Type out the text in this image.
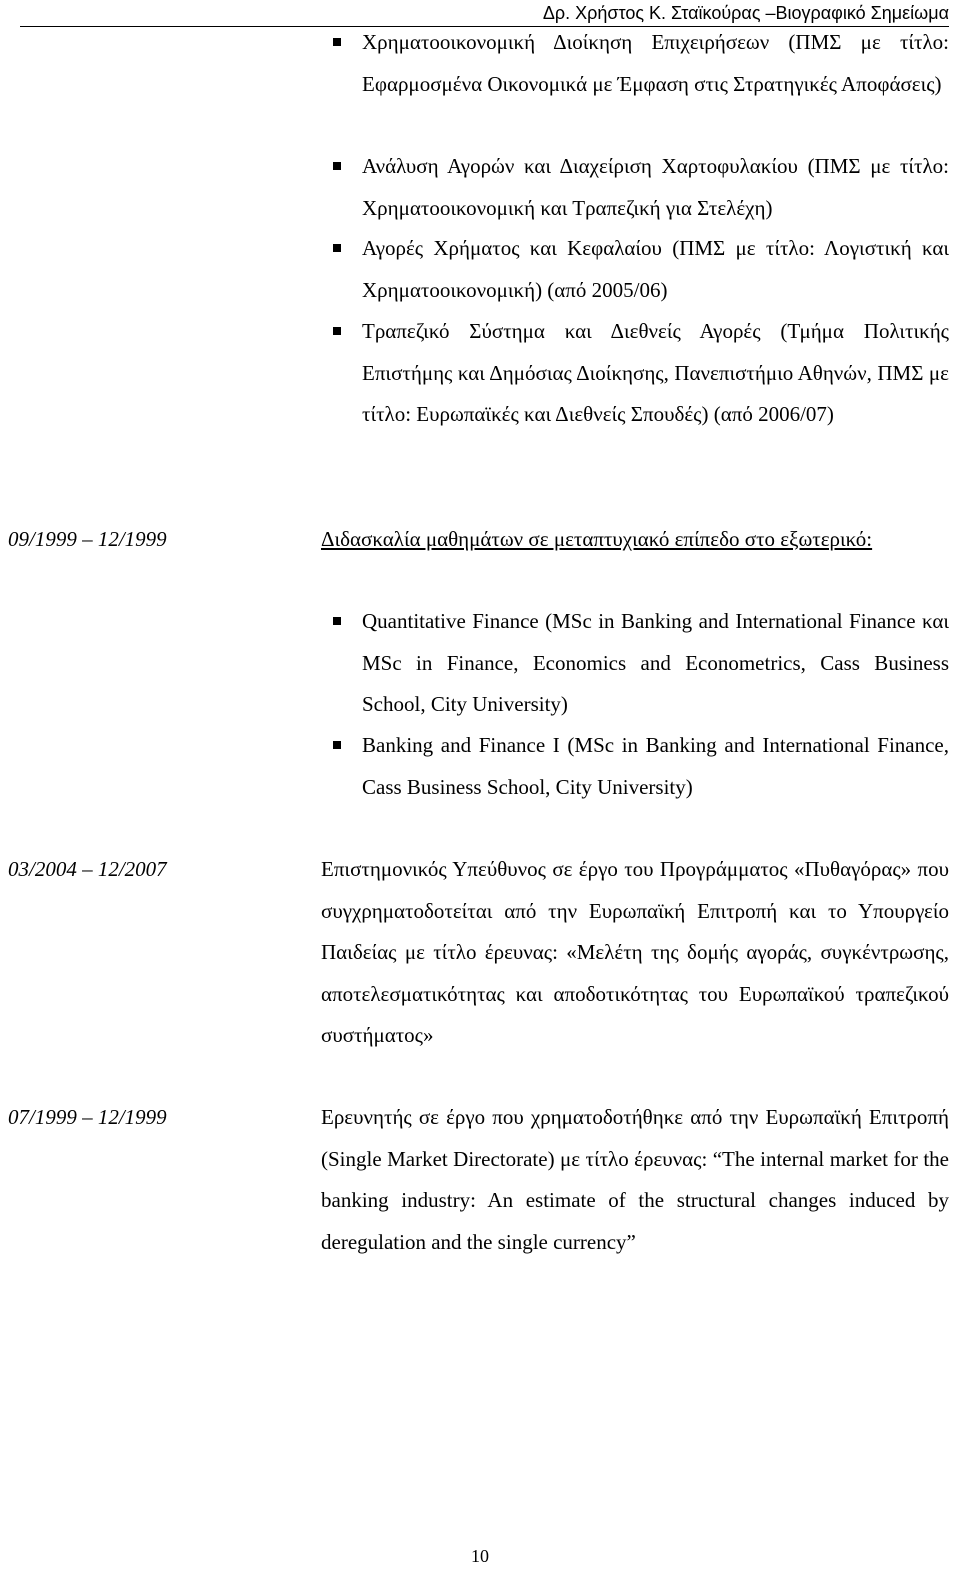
Δρ. Χρήστος Κ. Σταϊκούρας –Βιογραφικό Σημείωμα
Χρηματοοικονομική Διοίκηση Επιχειρήσεων (ΠΜΣ με τίτλο: Εφαρμοσμένα Οικονομικά με Έμφαση στις Στρατηγικές Αποφάσεις)
Ανάλυση Αγορών και Διαχείριση Χαρτοφυλακίου (ΠΜΣ με τίτλο: Χρηματοοικονομική και Τραπεζική για Στελέχη)
Αγορές Χρήματος και Κεφαλαίου (ΠΜΣ με τίτλο: Λογιστική και Χρηματοοικονομική) (από 2005/06)
Τραπεζικό Σύστημα και Διεθνείς Αγορές (Τμήμα Πολιτικής Επιστήμης και Δημόσιας Διοίκησης, Πανεπιστήμιο Αθηνών, ΠΜΣ με τίτλο: Ευρωπαϊκές και Διεθνείς Σπουδές) (από 2006/07)
09/1999 – 12/1999	Διδασκαλία μαθημάτων σε μεταπτυχιακό επίπεδο στο εξωτερικό:
Quantitative Finance (MSc in Banking and International Finance και MSc in Finance, Economics and Econometrics, Cass Business School, City University)
Banking and Finance I (MSc in Banking and International Finance, Cass Business School, City University)
03/2004 – 12/2007	Επιστημονικός Υπεύθυνος σε έργο του Προγράμματος «Πυθαγόρας» που συγχρηματοδοτείται από την Ευρωπαϊκή Επιτροπή και το Υπουργείο Παιδείας με τίτλο έρευνας: «Μελέτη της δομής αγοράς, συγκέντρωσης, αποτελεσματικότητας και αποδοτικότητας του Ευρωπαϊκού τραπεζικού συστήματος»
07/1999 – 12/1999	Ερευνητής σε έργο που χρηματοδοτήθηκε από την Ευρωπαϊκή Επιτροπή (Single Market Directorate) με τίτλο έρευνας: “The internal market for the banking industry: An estimate of the structural changes induced by deregulation and the single currency”
10
